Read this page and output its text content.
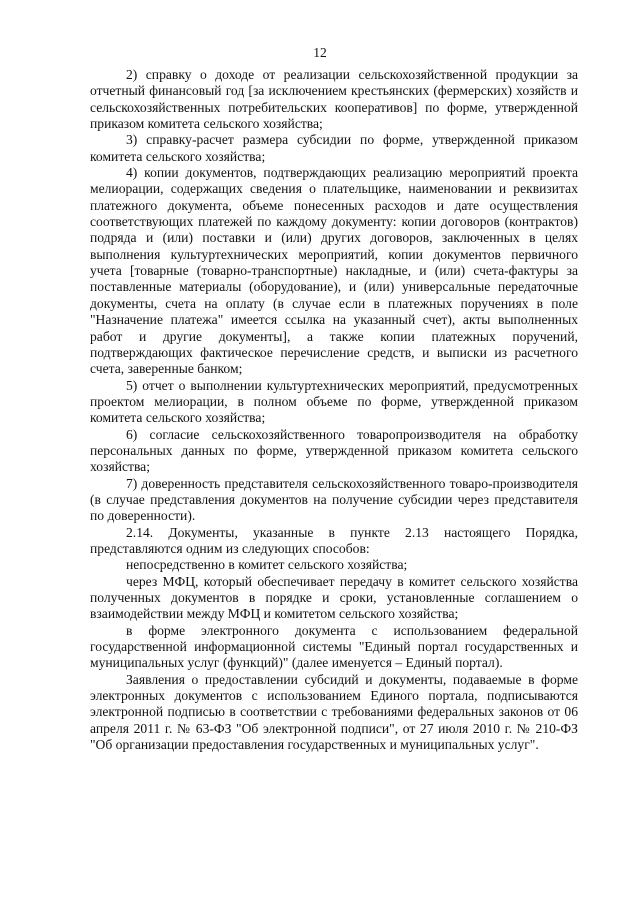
12

2) справку о доходе от реализации сельскохозяйственной продукции за отчетный финансовый год [за исключением крестьянских (фермерских) хозяйств и сельскохозяйственных потребительских кооперативов] по форме, утвержденной приказом комитета сельского хозяйства;

3) справку-расчет размера субсидии по форме, утвержденной приказом комитета сельского хозяйства;

4) копии документов, подтверждающих реализацию мероприятий проекта мелиорации, содержащих сведения о плательщике, наименовании и реквизитах платежного документа, объеме понесенных расходов и дате осуществления соответствующих платежей по каждому документу: копии договоров (контрактов) подряда и (или) поставки и (или) других договоров, заключенных в целях выполнения культуртехнических мероприятий, копии документов первичного учета [товарные (товарно-транспортные) накладные, и (или) счета-фактуры за поставленные материалы (оборудование), и (или) универсальные передаточные документы, счета на оплату (в случае если в платежных поручениях в поле "Назначение платежа" имеется ссылка на указанный счет), акты выполненных работ и другие документы], а также копии платежных поручений, подтверждающих фактическое перечисление средств, и выписки из расчетного счета, заверенные банком;

5) отчет о выполнении культуртехнических мероприятий, предусмотренных проектом мелиорации, в полном объеме по форме, утвержденной приказом комитета сельского хозяйства;

6) согласие сельскохозяйственного товаропроизводителя на обработку персональных данных по форме, утвержденной приказом комитета сельского хозяйства;

7) доверенность представителя сельскохозяйственного товаро-производителя (в случае представления документов на получение субсидии через представителя по доверенности).

2.14. Документы, указанные в пункте 2.13 настоящего Порядка, представляются одним из следующих способов:

непосредственно в комитет сельского хозяйства;

через МФЦ, который обеспечивает передачу в комитет сельского хозяйства полученных документов в порядке и сроки, установленные соглашением о взаимодействии между МФЦ и комитетом сельского хозяйства;

в форме электронного документа с использованием федеральной государственной информационной системы "Единый портал государственных и муниципальных услуг (функций)" (далее именуется – Единый портал).

Заявления о предоставлении субсидий и документы, подаваемые в форме электронных документов с использованием Единого портала, подписываются электронной подписью в соответствии с требованиями федеральных законов от 06 апреля 2011 г. № 63-ФЗ "Об электронной подписи", от 27 июля 2010 г. № 210-ФЗ "Об организации предоставления государственных и муниципальных услуг".
